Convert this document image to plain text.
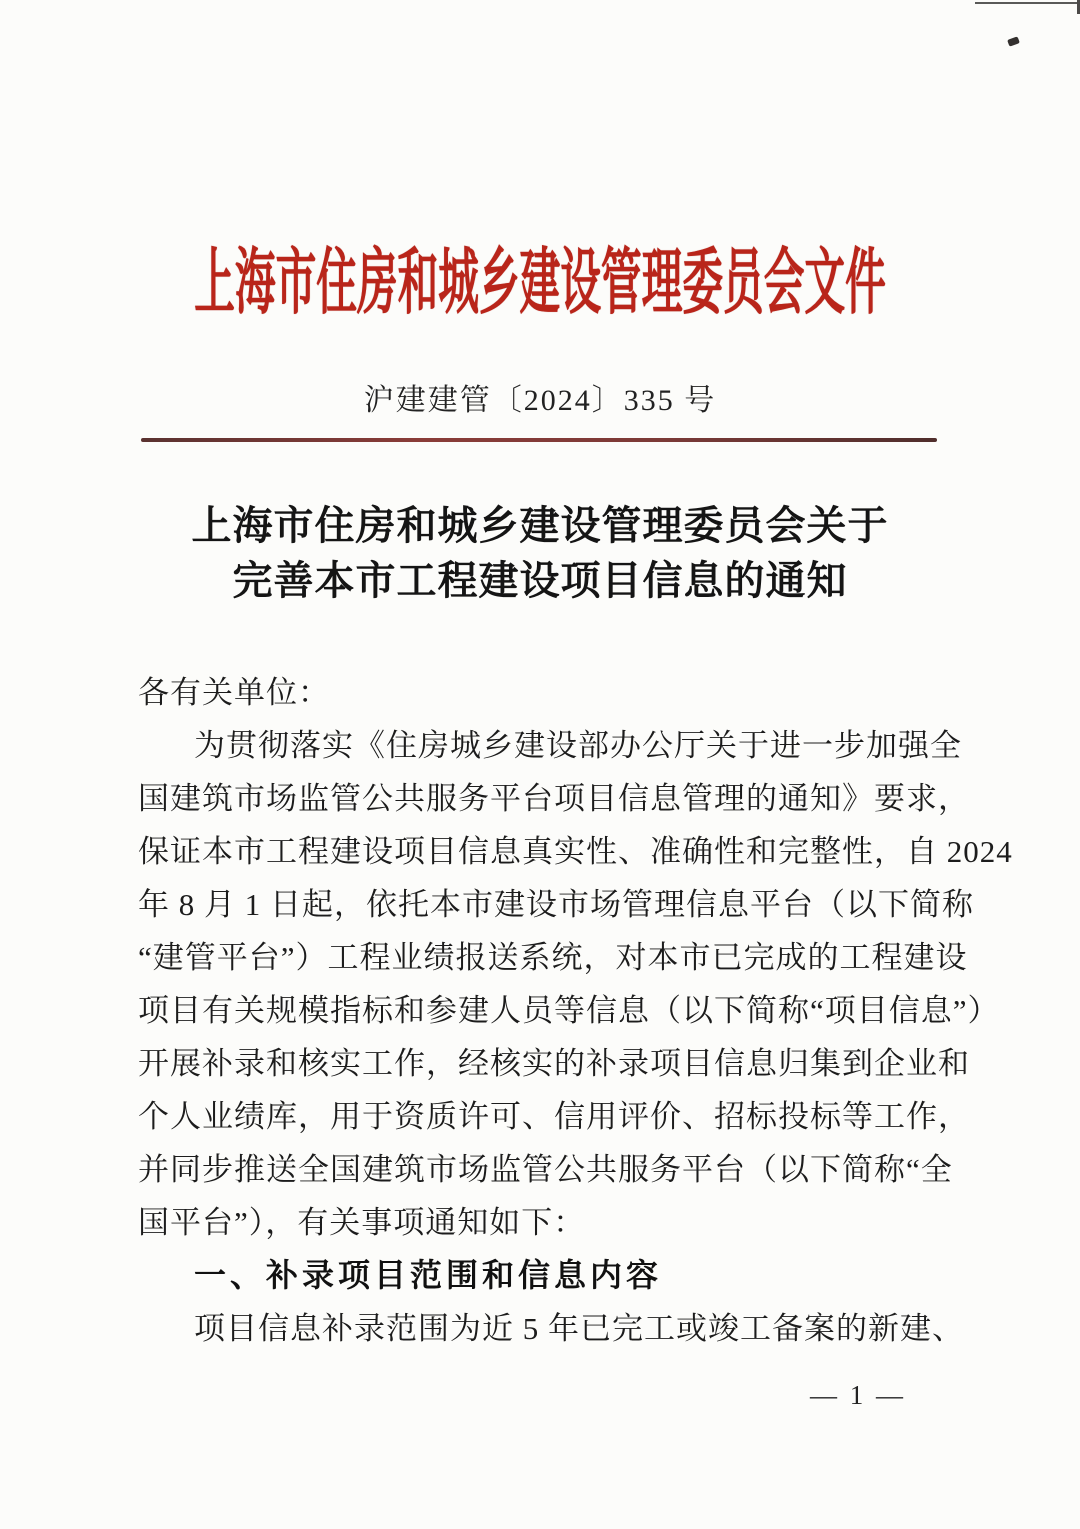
上海市住房和城乡建设管理委员会文件
沪建建管〔2024〕335 号
上海市住房和城乡建设管理委员会关于
完善本市工程建设项目信息的通知
各有关单位：
为贯彻落实《住房城乡建设部办公厅关于进一步加强全
国建筑市场监管公共服务平台项目信息管理的通知》要求，
保证本市工程建设项目信息真实性、准确性和完整性，自 2024
年 8 月 1 日起，依托本市建设市场管理信息平台（以下简称
“建管平台”）工程业绩报送系统，对本市已完成的工程建设
项目有关规模指标和参建人员等信息（以下简称“项目信息”）
开展补录和核实工作，经核实的补录项目信息归集到企业和
个人业绩库，用于资质许可、信用评价、招标投标等工作，
并同步推送全国建筑市场监管公共服务平台（以下简称“全
国平台”），有关事项通知如下：
一、补录项目范围和信息内容
项目信息补录范围为近 5 年已完工或竣工备案的新建、
— 1 —
